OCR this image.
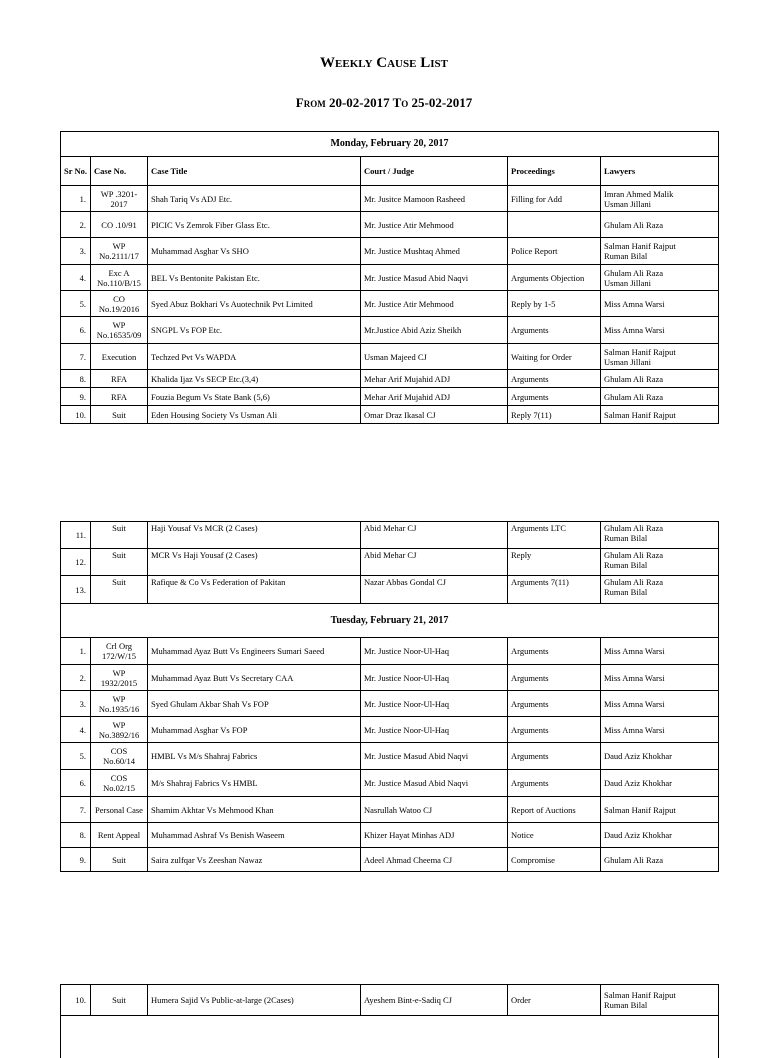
Weekly Cause List
From 20-02-2017 To 25-02-2017
Monday, February 20, 2017					
Sr No.	Case No.	Case Title	Court / Judge	Proceedings	Lawyers
1.	WP .3201-2017	Shah Tariq Vs ADJ Etc.	Mr. Jusitce Mamoon Rasheed	Filling for Add	Imran Ahmed Malik
Usman Jillani

2.	CO .10/91	PICIC Vs Zemrok Fiber Glass Etc.	Mr. Justice Atir Mehmood		Ghulam Ali Raza

3.	WP No.2111/17	Muhammad Asghar Vs SHO	Mr. Justice Mushtaq Ahmed	Police Report	Salman Hanif Rajput
Ruman Bilal

4.	Exc A No.110/B/15	BEL Vs Bentonite Pakistan Etc.	Mr. Justice Masud Abid Naqvi	Arguments Objection	Ghulam Ali Raza
Usman Jillani

5.	CO No.19/2016	Syed Abuz Bokhari Vs Auotechnik Pvt Limited	Mr. Justice Atir Mehmood	Reply by 1-5	Miss Amna Warsi

6.	WP No.16535/09	SNGPL Vs FOP Etc.	Mr.Justice Abid Aziz Sheikh	Arguments	Miss Amna Warsi

7.	Execution	Techzed Pvt Vs WAPDA	Usman Majeed CJ	Waiting for Order	Salman Hanif Rajput
Usman Jillani

8.	RFA	Khalida Ijaz Vs SECP Etc.(3,4)	Mehar Arif Mujahid ADJ	Arguments	Ghulam Ali Raza

9.	RFA	Fouzia Begum Vs State Bank (5,6)	Mehar Arif Mujahid ADJ	Arguments	Ghulam Ali Raza

10.	Suit	Eden Housing Society Vs Usman Ali	Omar Draz Ikasal CJ	Reply 7(11)	Salman Hanif Rajput
11.	Suit	Haji Yousaf Vs MCR (2 Cases)	Abid Mehar CJ	Arguments LTC	Ghulam Ali Raza
Ruman Bilal

12.	Suit	MCR Vs Haji Yousaf (2 Cases)	Abid Mehar CJ	Reply	Ghulam Ali Raza
Ruman Bilal

13.	Suit	Rafique & Co Vs Federation of Pakitan	Nazar Abbas Gondal CJ	Arguments 7(11)	Ghulam Ali Raza
Ruman Bilal

Tuesday, February 21, 2017					
1.	Crl Org 172/W/15	Muhammad Ayaz Butt Vs Engineers Sumari Saeed	Mr. Justice Noor-Ul-Haq	Arguments	Miss Amna Warsi

2.	WP 1932/2015	Muhammad Ayaz Butt Vs Secretary CAA	Mr. Justice Noor-Ul-Haq	Arguments	Miss Amna Warsi

3.	WP No.1935/16	Syed Ghulam Akbar Shah Vs FOP	Mr. Justice Noor-Ul-Haq	Arguments	Miss Amna Warsi

4.	WP No.3892/16	Muhammad Asghar Vs FOP	Mr. Justice Noor-Ul-Haq	Arguments	Miss Amna Warsi

5.	COS No.60/14	HMBL Vs M/s Shahraj Fabrics	Mr. Justice Masud Abid Naqvi	Arguments	Daud Aziz Khokhar

6.	COS No.02/15	M/s Shahraj Fabrics Vs HMBL	Mr. Justice Masud Abid Naqvi	Arguments	Daud Aziz Khokhar

7.	Personal Case	Shamim Akhtar Vs Mehmood Khan	Nasrullah Watoo CJ	Report of Auctions	Salman Hanif Rajput

8.	Rent Appeal	Muhammad Ashraf Vs Benish Waseem	Khizer Hayat Minhas ADJ	Notice	Daud Aziz Khokhar

9.	Suit	Saira zulfqar Vs Zeeshan Nawaz	Adeel Ahmad Cheema CJ	Compromise	Ghulam Ali Raza
10.	Suit	Humera Sajid Vs Public-at-large (2Cases)	Ayeshem Bint-e-Sadiq CJ	Order	Salman Hanif Rajput
Ruman Bilal
